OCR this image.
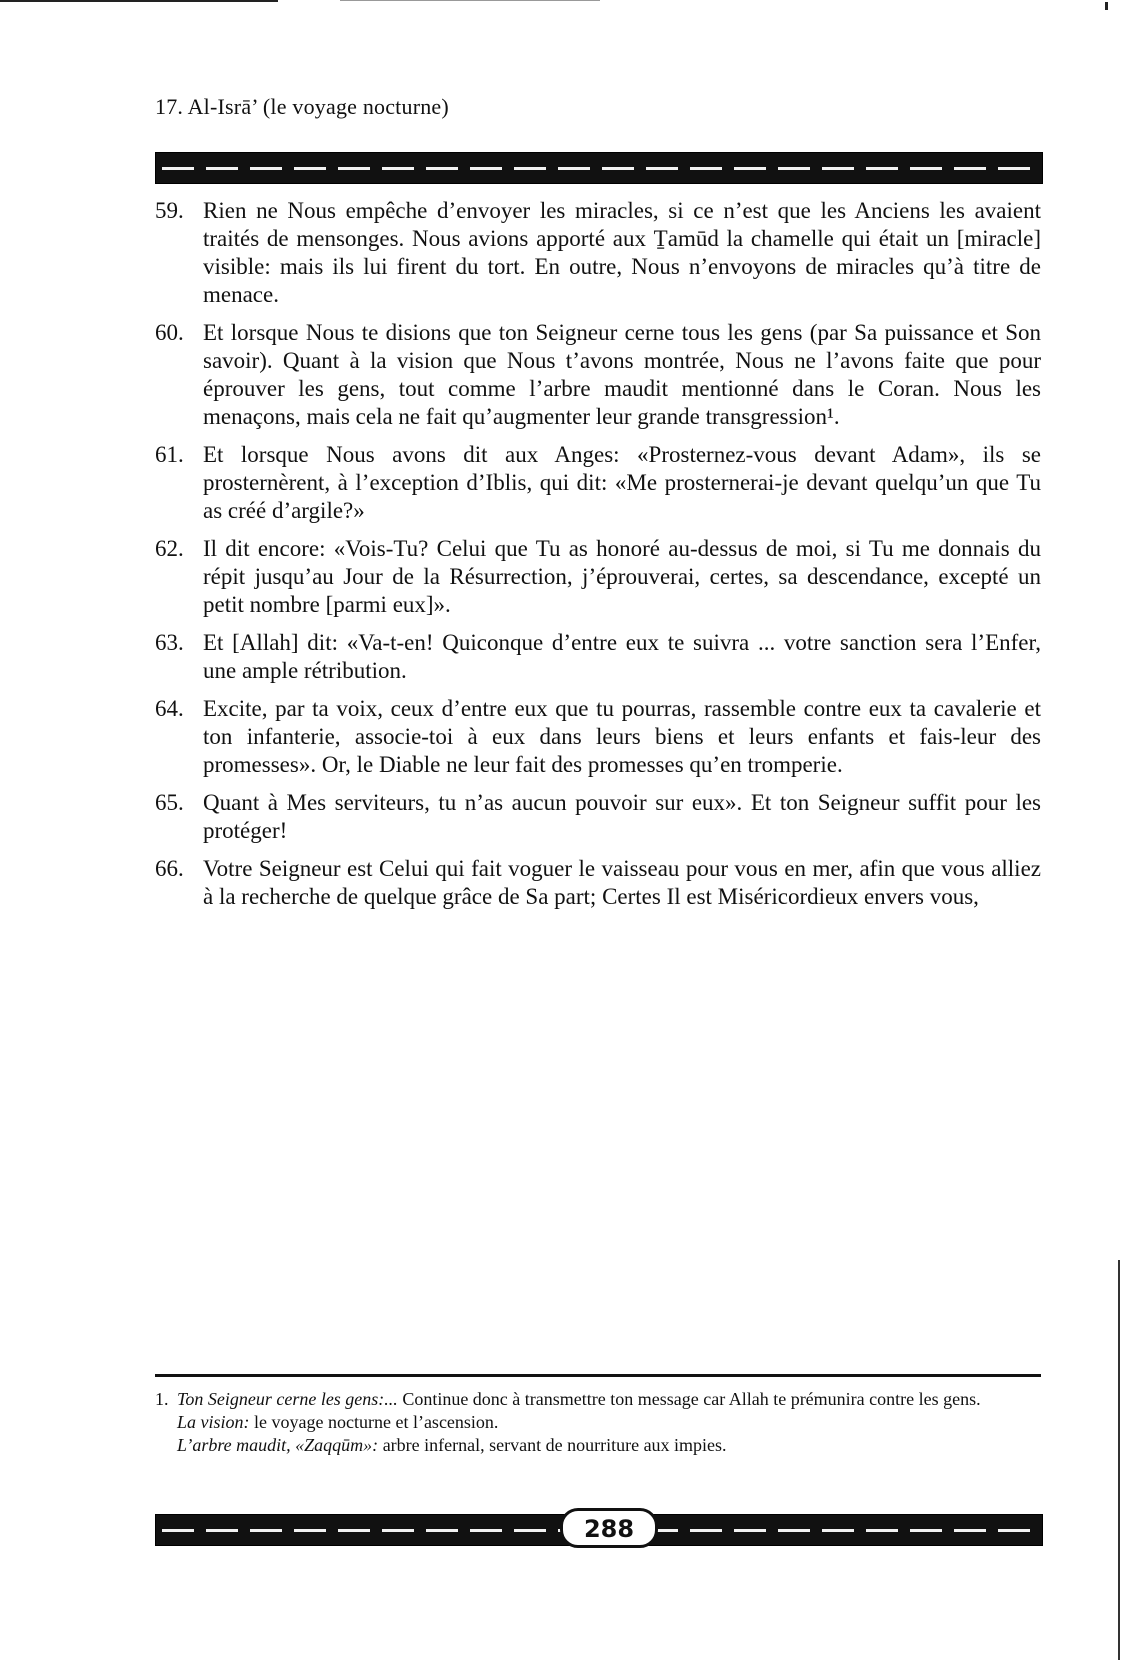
17. Al-Isrā’ (le voyage nocturne)
59. Rien ne Nous empêche d’envoyer les miracles, si ce n’est que les Anciens les avaient traités de mensonges. Nous avions apporté aux Ṯamūd la chamelle qui était un [miracle] visible: mais ils lui firent du tort. En outre, Nous n’envoyons de miracles qu’à titre de menace.
60. Et lorsque Nous te disions que ton Seigneur cerne tous les gens (par Sa puissance et Son savoir). Quant à la vision que Nous t’avons montrée, Nous ne l’avons faite que pour éprouver les gens, tout comme l’arbre maudit mentionné dans le Coran. Nous les menaçons, mais cela ne fait qu’augmenter leur grande transgression¹.
61. Et lorsque Nous avons dit aux Anges: «Prosternez-vous devant Adam», ils se prosternèrent, à l’exception d’Iblis, qui dit: «Me prosternerai-je devant quelqu’un que Tu as créé d’argile?»
62. Il dit encore: «Vois-Tu? Celui que Tu as honoré au-dessus de moi, si Tu me donnais du répit jusqu’au Jour de la Résurrection, j’éprouverai, certes, sa descendance, excepté un petit nombre [parmi eux]».
63. Et [Allah] dit: «Va-t-en! Quiconque d’entre eux te suivra ... votre sanction sera l’Enfer, une ample rétribution.
64. Excite, par ta voix, ceux d’entre eux que tu pourras, rassemble contre eux ta cavalerie et ton infanterie, associe-toi à eux dans leurs biens et leurs enfants et fais-leur des promesses». Or, le Diable ne leur fait des promesses qu’en tromperie.
65. Quant à Mes serviteurs, tu n’as aucun pouvoir sur eux». Et ton Seigneur suffit pour les protéger!
66. Votre Seigneur est Celui qui fait voguer le vaisseau pour vous en mer, afin que vous alliez à la recherche de quelque grâce de Sa part; Certes Il est Miséricordieux envers vous,
1. Ton Seigneur cerne les gens:... Continue donc à transmettre ton message car Allah te prémunira contre les gens.
La vision: le voyage nocturne et l’ascension.
L’arbre maudit, «Zaqqūm»: arbre infernal, servant de nourriture aux impies.
288
